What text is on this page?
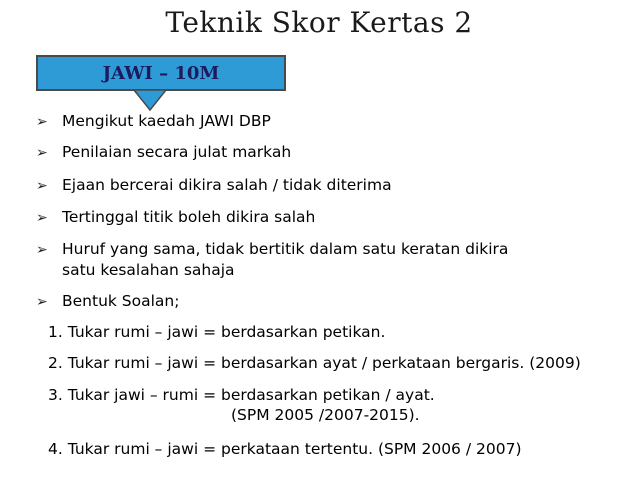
Teknik Skor Kertas 2
JAWI – 10M
➢ Mengikut kaedah JAWI DBP
➢ Penilaian secara julat markah
➢ Ejaan bercerai dikira salah / tidak diterima
➢ Tertinggal titik boleh dikira salah
➢ Huruf yang sama, tidak bertitik dalam satu keratan dikira
satu kesalahan sahaja
➢ Bentuk Soalan;
1. Tukar rumi – jawi = berdasarkan petikan.
2. Tukar rumi – jawi = berdasarkan ayat / perkataan bergaris. (2009)
3. Tukar jawi – rumi = berdasarkan petikan / ayat.
(SPM 2005 /2007-2015).
4. Tukar rumi – jawi = perkataan tertentu. (SPM 2006 / 2007)
